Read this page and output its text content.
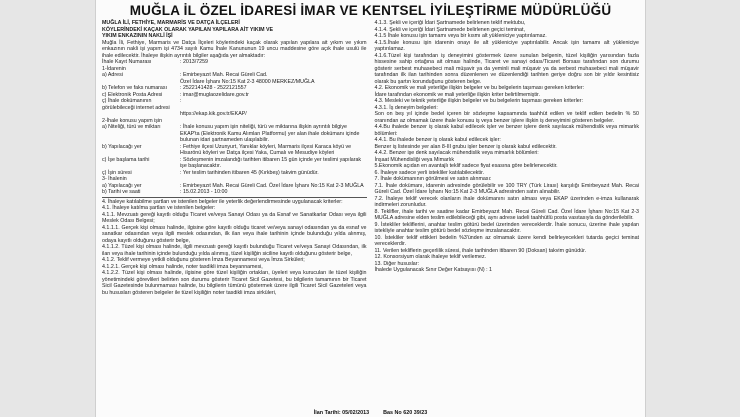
MUĞLA İL ÖZEL İDARESİ İMAR VE KENTSEL İYİLEŞTİRME MÜDÜRLÜĞÜ

MUĞLA İLİ, FETHİYE, MARMARİS VE DATÇA İLÇELERİ

KÖYLERİNDEKİ KAÇAK OLARAK YAPILAN YAPILARA AİT YIKIM VE

YIKIM ENKAZININ NAKLİ İŞİ

Muğla İli, Fethiye, Marmaris ve Datça İlçeleri köylerindeki kaçak olarak yapılan yapılara ait yıkım ve yıkım enkazının nakli işi yapım işi 4734 sayılı Kamu İhale Kanununun 19 uncu maddesine göre açık ihale usulü ile ihale edilecektir. İhaleye ilişkin ayrıntılı bilgiler aşağıda yer almaktadır:

İhale Kayıt Numarası	: 2013/7259
1-İdarenin
a) Adresi	: Emirbeyazıt Mah. Recai Güreli Cad.
Özel İdare İşhanı No:15 Kat 2-3 48000 MERKEZ/MUĞLA
b) Telefon ve faks numarası	: 2522141428 - 2522121557
c) Elektronik Posta Adresi	: imar@muglaozelidare.gov.tr
ç) İhale dokümanının görülebileceği internet adresi
:
https://ekap.kik.gov.tr/EKAP/
2-İhale konusu yapım işin
a) Niteliği, türü ve miktarı	: İhale konusu yapım işin niteliği, türü ve miktarına ilişkin ayrıntılı bilgiye EKAP'ta (Elektronik Kamu Alımları Platformu) yer alan ihale dokümanı içinde bulunan idari şartnameden ulaşılabilir.
b) Yapılacağı yer	: Fethiye ilçesi Uzunyurt, Yanıklar köyleri, Marmaris ilçesi Karaca köyü ve Hisarönü köyleri ve Datça ilçesi Yaka, Cumalı ve Mesudiye köyleri
c) İşe başlama tarihi	: Sözleşmenin imzalandığı tarihten itibaren 15 gün içinde yer teslimi yapılarak işe başlanacaktır.
ç) İşin süresi	: Yer teslim tarihinden itibaren 45 (Kırkbeş) takvim günüdür.
3- İhalenin
a) Yapılacağı yer	: Emirbeyazıt Mah. Recai Güreli Cad. Özel İdare İşhanı No:15 Kat 2-3 MUĞLA
b) Tarihi ve saati	: 15.02.2013 - 10:00

4. İhaleye katılabilme şartları ve istenilen belgeler ile yeterlik değerlendirmesinde uygulanacak kriterler:

4.1. İhaleye katılma şartları ve istenilen belgeler:

4.1.1. Mevzuatı gereği kayıtlı olduğu Ticaret ve/veya Sanayi Odası ya da Esnaf ve Sanatkarlar Odası veya ilgili Meslek Odası Belgesi;

4.1.1.1. Gerçek kişi olması halinde, ilgisine göre kayıtlı olduğu ticaret ve/veya sanayi odasından ya da esnaf ve sanatkar odasından veya ilgili meslek odasından, ilk ilan veya ihale tarihinin içinde bulunduğu yılda alınmış, odaya kayıtlı olduğunu gösterir belge,

4.1.1.2. Tüzel kişi olması halinde, ilgili mevzuatı gereği kayıtlı bulunduğu Ticaret ve/veya Sanayi Odasından, ilk ilan veya ihale tarihinin içinde bulunduğu yılda alınmış, tüzel kişiliğin siciline kayıtlı olduğunu gösterir belge,

4.1.2. Teklif vermeye yetkili olduğunu gösteren İmza Beyannamesi veya İmza Sirküleri;

4.1.2.1. Gerçek kişi olması halinde, noter tasdikli imza beyannamesi,

4.1.2.2. Tüzel kişi olması halinde, ilgisine göre tüzel kişiliğin ortakları, üyeleri veya kurucuları ile tüzel kişiliğin yönetimindeki görevlileri belirten son durumu gösterir Ticaret Sicil Gazetesi, bu bilgilerin tamamının bir Ticaret Sicil Gazetesinde bulunmaması halinde, bu bilgilerin tümünü göstermek üzere ilgili Ticaret Sicil Gazeteleri veya bu hususları gösteren belgeler ile tüzel kişiliğin noter tasdikli imza sirküleri,

4.1.3. Şekli ve içeriği İdari Şartnamede belirlenen teklif mektubu,

4.1.4. Şekli ve içeriği İdari Şartnamede belirlenen geçici teminat,

4.1.5 İhale konusu işin tamamı veya bir kısmı alt yükleniciye yaptırılamaz.

4.1.5.İhale konusu işin idarenin onayı ile alt yükleniciye yaptırılabilir. Ancak işin tamamı alt yükleniciye yaptırılamaz.

4.1.6.Tüzel kişi tarafından iş deneyimini göstermek üzere sunulan belgenin, tüzel kişiliğin yarısından fazla hissesine sahip ortağına ait olması halinde, Ticaret ve sanayi odası/Ticaret Borsası tarafından son durumu gösterir serbest muhasebeci mali müşavir ya da yeminli mali müşavir ya da serbest muhasebeci mali müşavir tarafından ilk ilan tarihinden sonra düzenlenen ve düzenlendiği tarihten geriye doğru son bir yıldır kesintisiz olarak bu şartın korunduğunu gösteren belge.

4.2. Ekonomik ve mali yeterliğe ilişkin belgeler ve bu belgelerin taşıması gereken kriterler:

İdare tarafından ekonomik ve mali yeterliğe ilişkin kriter belirtilmemiştir.

4.3. Mesleki ve teknik yeterliğe ilişkin belgeler ve bu belgelerin taşıması gereken kriterler:

4.3.1. İş deneyim belgeleri:

Son on beş yıl içinde bedel içeren bir sözleşme kapsamında taahhüt edilen ve teklif edilen bedelin % 50 oranından az olmamak üzere ihale konusu iş veya benzer işlere ilişkin iş deneyimini gösteren belgeler.

4.4.Bu ihalede benzer iş olarak kabul edilecek işler ve benzer işlere denk sayılacak mühendislik veya mimarlık bölümleri:

4.4.1. Bu ihalede benzer iş olarak kabul edilecek işler:

Benzer iş listesinde yer alan 8-III grubu işler benzer iş olarak kabul edilecektir.

4.4.2. Benzer işe denk sayılacak mühendislik veya mimarlık bölümleri:

İnşaat Mühendisliği veya Mimarlık

5.Ekonomik açıdan en avantajlı teklif sadece fiyat esasına göre belirlenecektir.

6. İhaleye sadece yerli istekliler katılabilecektir.

7. İhale dokümanının görülmesi ve satın alınması:

7.1. İhale dokümanı, idarenin adresinde görülebilir ve 100 TRY (Türk Lirası) karşılığı Emirbeyazıt Mah. Recai Güreli Cad. Özel İdare İşhanı No:15 Kat 2-3 MUĞLA adresinden satın alınabilir.

7.2. İhaleye teklif verecek olanların ihale dokümanını satın alması veya EKAP üzerinden e-imza kullanarak indirmeleri zorunludur.

8. Teklifler, ihale tarihi ve saatine kadar Emirbeyazıt Mah. Recai Güreli Cad. Özel İdare İşhanı No:15 Kat 2-3 MUĞLA adresine elden teslim edilebileceği gibi, aynı adrese iadeli taahhütlü posta vasıtasıyla da gönderilebilir.

9. İstekliler tekliflerini, anahtar teslim götürü bedel üzerinden vereceklerdir. İhale sonucu, üzerine ihale yapılan istekliyle anahtar teslim götürü bedel sözleşme imzalanacaktır.

10. İstekliler teklif ettikleri bedelin %3'ünden az olmamak üzere kendi belirleyecekleri tutarda geçici teminat vereceklerdir.

11. Verilen tekliflerin geçerlilik süresi, ihale tarihinden itibaren 90 (Doksan) takvim günüdür.

12. Konsorsiyum olarak ihaleye teklif verilemez.

13. Diğer hususlar:

İhalede Uygulanacak Sınır Değer Katsayısı (N) : 1

İlan Tarihi: 05/02/2013	Bas No 620 39/23
